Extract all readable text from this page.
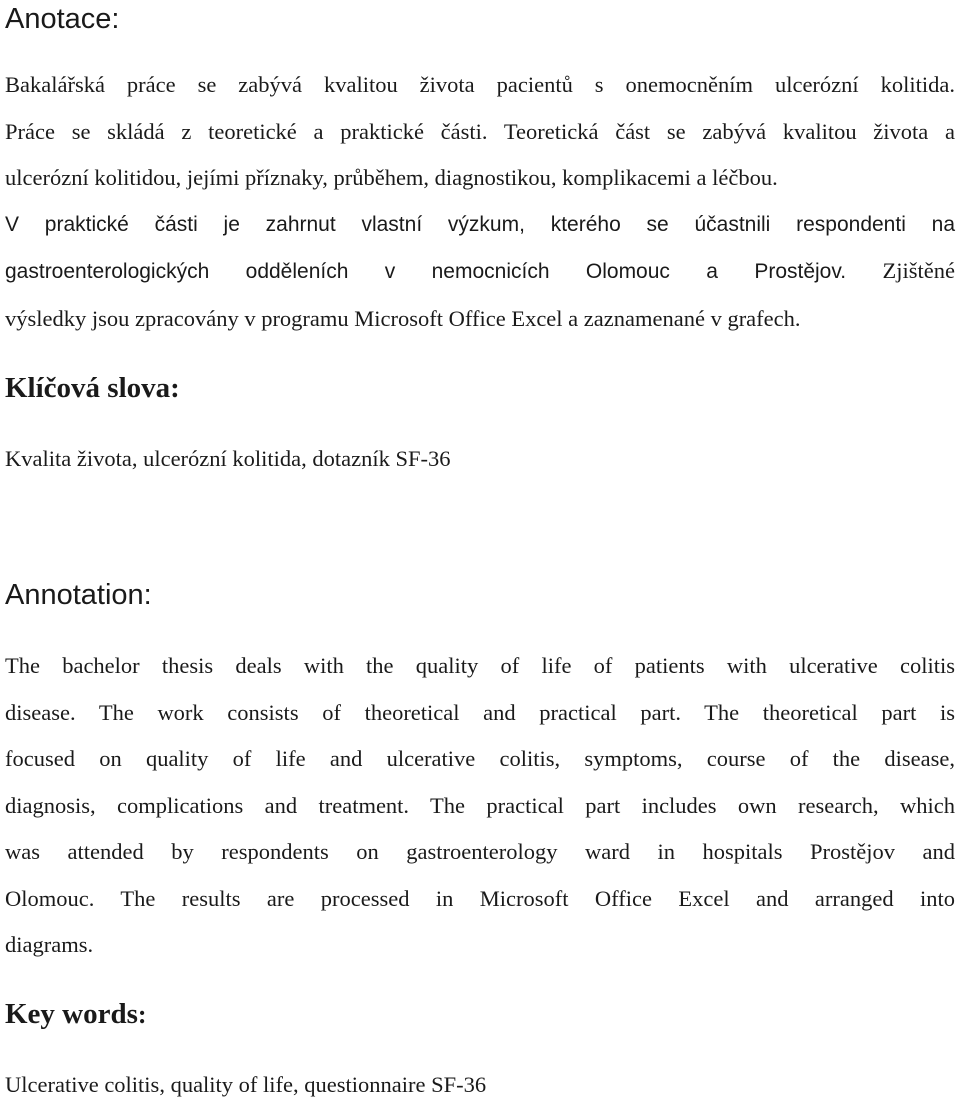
Anotace:
Bakalářská práce se zabývá kvalitou života pacientů s onemocněním ulcerózní kolitida.
Práce se skládá z teoretické a praktické části. Teoretická část se zabývá kvalitou života a
ulcerózní kolitidou, jejími příznaky, průběhem, diagnostikou, komplikacemi a léčbou.
V praktické části je zahrnut vlastní výzkum, kterého se účastnili respondenti na
gastroenterologických odděleních v nemocnicích Olomouc a Prostějov. Zjištěné
výsledky jsou zpracovány v programu Microsoft Office Excel a zaznamenané v grafech.
Klíčová slova:

Kvalita života, ulcerózní kolitida, dotazník SF-36

Annotation:
The bachelor thesis deals with the quality of life of patients with ulcerative colitis
disease. The work consists of theoretical and practical part. The theoretical part is
focused on quality of life and ulcerative colitis, symptoms, course of the disease,
diagnosis, complications and treatment. The practical part includes own research, which
was attended by respondents on gastroenterology ward in hospitals Prostějov and
Olomouc. The results are processed in Microsoft Office Excel and arranged into
diagrams.
Key words:

Ulcerative colitis, quality of life, questionnaire SF-36
